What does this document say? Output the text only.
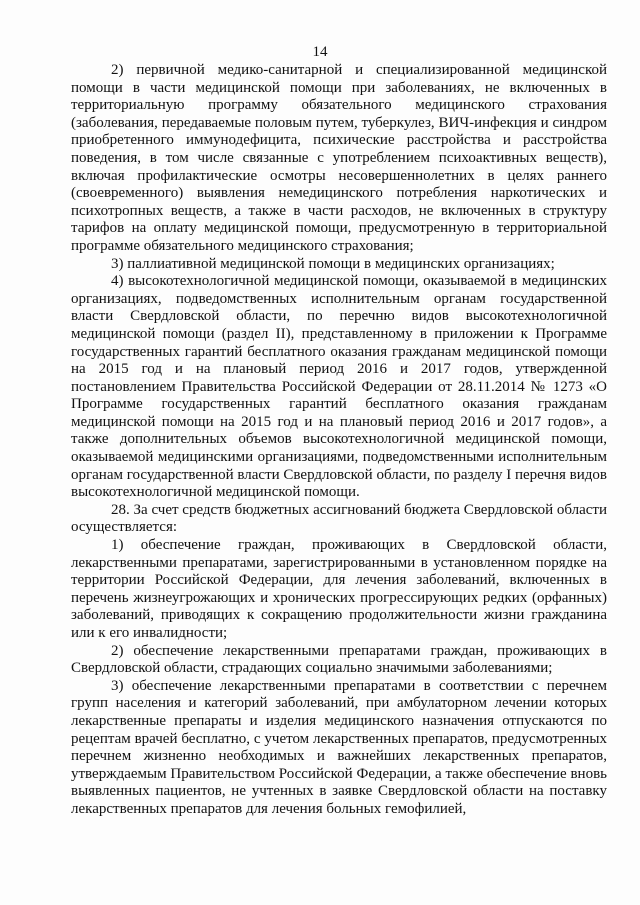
14

2) первичной медико-санитарной и специализированной медицинской помощи в части медицинской помощи при заболеваниях, не включенных в территориальную программу обязательного медицинского страхования (заболевания, передаваемые половым путем, туберкулез, ВИЧ-инфекция и синдром приобретенного иммунодефицита, психические расстройства и расстройства поведения, в том числе связанные с употреблением психоактивных веществ), включая профилактические осмотры несовершеннолетних в целях раннего (своевременного) выявления немедицинского потребления наркотических и психотропных веществ, а также в части расходов, не включенных в структуру тарифов на оплату медицинской помощи, предусмотренную в территориальной программе обязательного медицинского страхования;

3) паллиативной медицинской помощи в медицинских организациях;

4) высокотехнологичной медицинской помощи, оказываемой в медицинских организациях, подведомственных исполнительным органам государственной власти Свердловской области, по перечню видов высокотехнологичной медицинской помощи (раздел II), представленному в приложении к Программе государственных гарантий бесплатного оказания гражданам медицинской помощи на 2015 год и на плановый период 2016 и 2017 годов, утвержденной постановлением Правительства Российской Федерации от 28.11.2014 № 1273 «О Программе государственных гарантий бесплатного оказания гражданам медицинской помощи на 2015 год и на плановый период 2016 и 2017 годов», а также дополнительных объемов высокотехнологичной медицинской помощи, оказываемой медицинскими организациями, подведомственными исполнительным органам государственной власти Свердловской области, по разделу I перечня видов высокотехнологичной медицинской помощи.

28. За счет средств бюджетных ассигнований бюджета Свердловской области осуществляется:

1) обеспечение граждан, проживающих в Свердловской области, лекарственными препаратами, зарегистрированными в установленном порядке на территории Российской Федерации, для лечения заболеваний, включенных в перечень жизнеугрожающих и хронических прогрессирующих редких (орфанных) заболеваний, приводящих к сокращению продолжительности жизни гражданина или к его инвалидности;

2) обеспечение лекарственными препаратами граждан, проживающих в Свердловской области, страдающих социально значимыми заболеваниями;

3) обеспечение лекарственными препаратами в соответствии с перечнем групп населения и категорий заболеваний, при амбулаторном лечении которых лекарственные препараты и изделия медицинского назначения отпускаются по рецептам врачей бесплатно, с учетом лекарственных препаратов, предусмотренных перечнем жизненно необходимых и важнейших лекарственных препаратов, утверждаемым Правительством Российской Федерации, а также обеспечение вновь выявленных пациентов, не учтенных в заявке Свердловской области на поставку лекарственных препаратов для лечения больных гемофилией,
